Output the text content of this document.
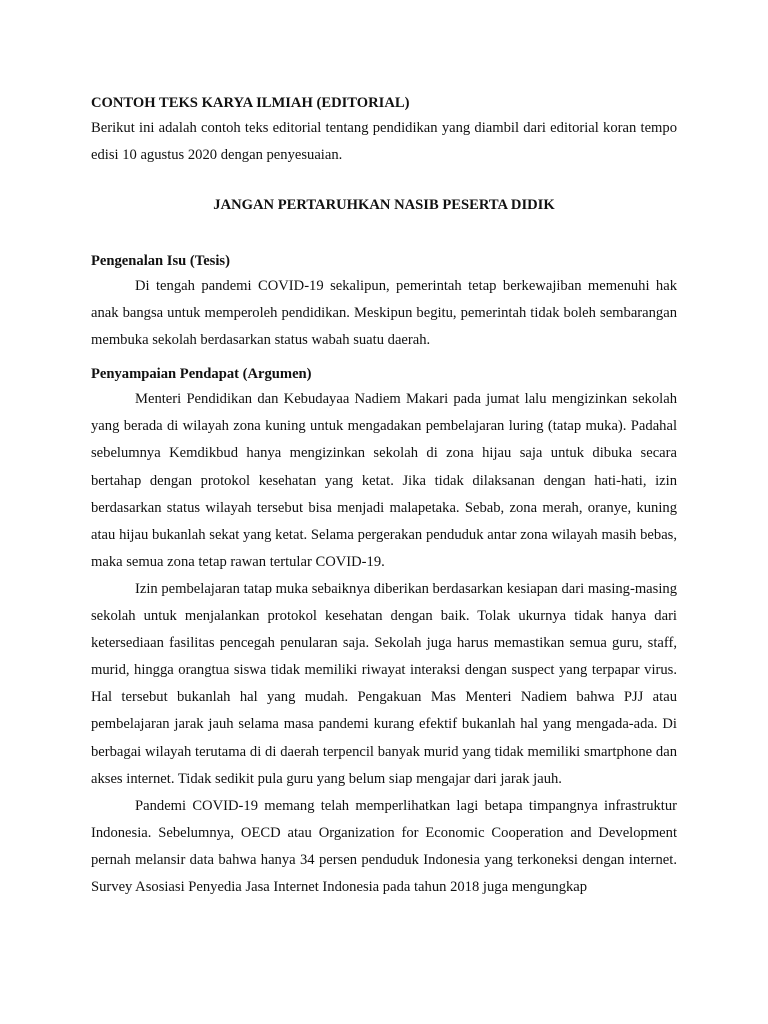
CONTOH TEKS KARYA ILMIAH (EDITORIAL)

Berikut ini adalah contoh teks editorial tentang pendidikan yang diambil dari editorial koran tempo edisi 10 agustus 2020 dengan penyesuaian.

JANGAN PERTARUHKAN NASIB PESERTA DIDIK

Pengenalan Isu (Tesis)

Di tengah pandemi COVID-19 sekalipun, pemerintah tetap berkewajiban memenuhi hak anak bangsa untuk memperoleh pendidikan. Meskipun begitu, pemerintah tidak boleh sembarangan membuka sekolah berdasarkan status wabah suatu daerah.

Penyampaian Pendapat (Argumen)

Menteri Pendidikan dan Kebudayaa Nadiem Makari pada jumat lalu mengizinkan sekolah yang berada di wilayah zona kuning untuk mengadakan pembelajaran luring (tatap muka). Padahal sebelumnya Kemdikbud hanya mengizinkan sekolah di zona hijau saja untuk dibuka secara bertahap dengan protokol kesehatan yang ketat. Jika tidak dilaksanan dengan hati-hati, izin berdasarkan status wilayah tersebut bisa menjadi malapetaka. Sebab, zona merah, oranye, kuning atau hijau bukanlah sekat yang ketat. Selama pergerakan penduduk antar zona wilayah masih bebas, maka semua zona tetap rawan tertular COVID-19.

Izin pembelajaran tatap muka sebaiknya diberikan berdasarkan kesiapan dari masing-masing sekolah untuk menjalankan protokol kesehatan dengan baik. Tolak ukurnya tidak hanya dari ketersediaan fasilitas pencegah penularan saja. Sekolah juga harus memastikan semua guru, staff, murid, hingga orangtua siswa tidak memiliki riwayat interaksi dengan suspect yang terpapar virus. Hal tersebut bukanlah hal yang mudah. Pengakuan Mas Menteri Nadiem bahwa PJJ atau pembelajaran jarak jauh selama masa pandemi kurang efektif bukanlah hal yang mengada-ada. Di berbagai wilayah terutama di di daerah terpencil banyak murid yang tidak memiliki smartphone dan akses internet. Tidak sedikit pula guru yang belum siap mengajar dari jarak jauh.

Pandemi COVID-19 memang telah memperlihatkan lagi betapa timpangnya infrastruktur Indonesia. Sebelumnya, OECD atau Organization for Economic Cooperation and Development pernah melansir data bahwa hanya 34 persen penduduk Indonesia yang terkoneksi dengan internet. Survey Asosiasi Penyedia Jasa Internet Indonesia pada tahun 2018 juga mengungkap
